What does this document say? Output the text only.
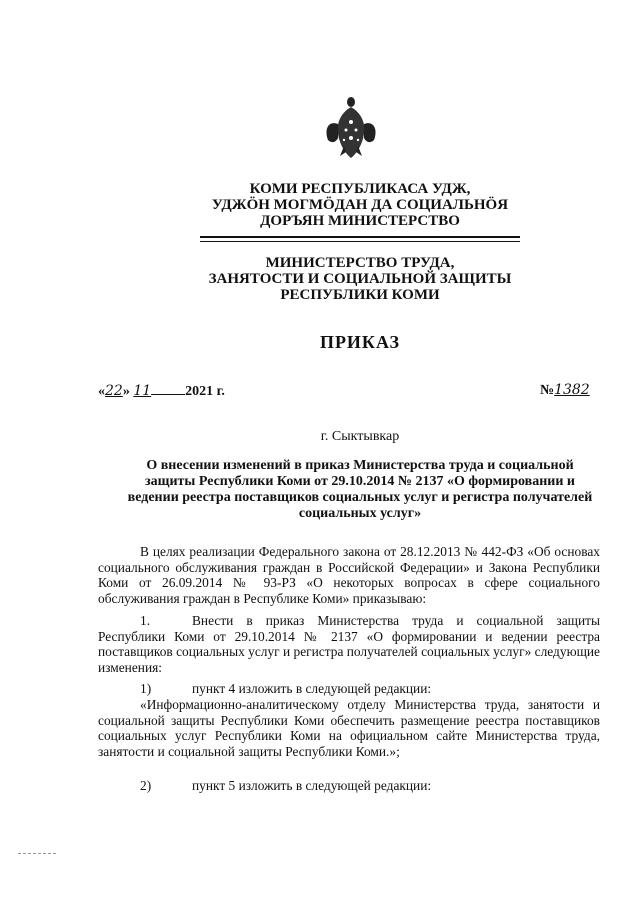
КОМИ РЕСПУБЛИКАСА УДЖ,
УДЖÖН МОГМÖДАН ДА СОЦИАЛЬНÖЯ
ДОРЪЯН МИНИСТЕРСТВО
МИНИСТЕРСТВО ТРУДА,
ЗАНЯТОСТИ И СОЦИАЛЬНОЙ ЗАЩИТЫ
РЕСПУБЛИКИ КОМИ
ПРИКАЗ
«22» 11 2021 г.	№1382
г. Сыктывкар
О внесении изменений в приказ Министерства труда и социальной защиты Республики Коми от 29.10.2014 № 2137 «О формировании и ведении реестра поставщиков социальных услуг и регистра получателей социальных услуг»
В целях реализации Федерального закона от 28.12.2013 № 442-ФЗ «Об основах социального обслуживания граждан в Российской Федерации» и Закона Республики Коми от 26.09.2014 № 93-РЗ «О некоторых вопросах в сфере социального обслуживания граждан в Республике Коми» приказываю:
1.	Внести в приказ Министерства труда и социальной защиты Республики Коми от 29.10.2014 № 2137 «О формировании и ведении реестра поставщиков социальных услуг и регистра получателей социальных услуг» следующие изменения:
1)	пункт 4 изложить в следующей редакции:
«Информационно-аналитическому отделу Министерства труда, занятости и социальной защиты Республики Коми обеспечить размещение реестра поставщиков социальных услуг Республики Коми на официальном сайте Министерства труда, занятости и социальной защиты Республики Коми.»;
2)	пункт 5 изложить в следующей редакции:
